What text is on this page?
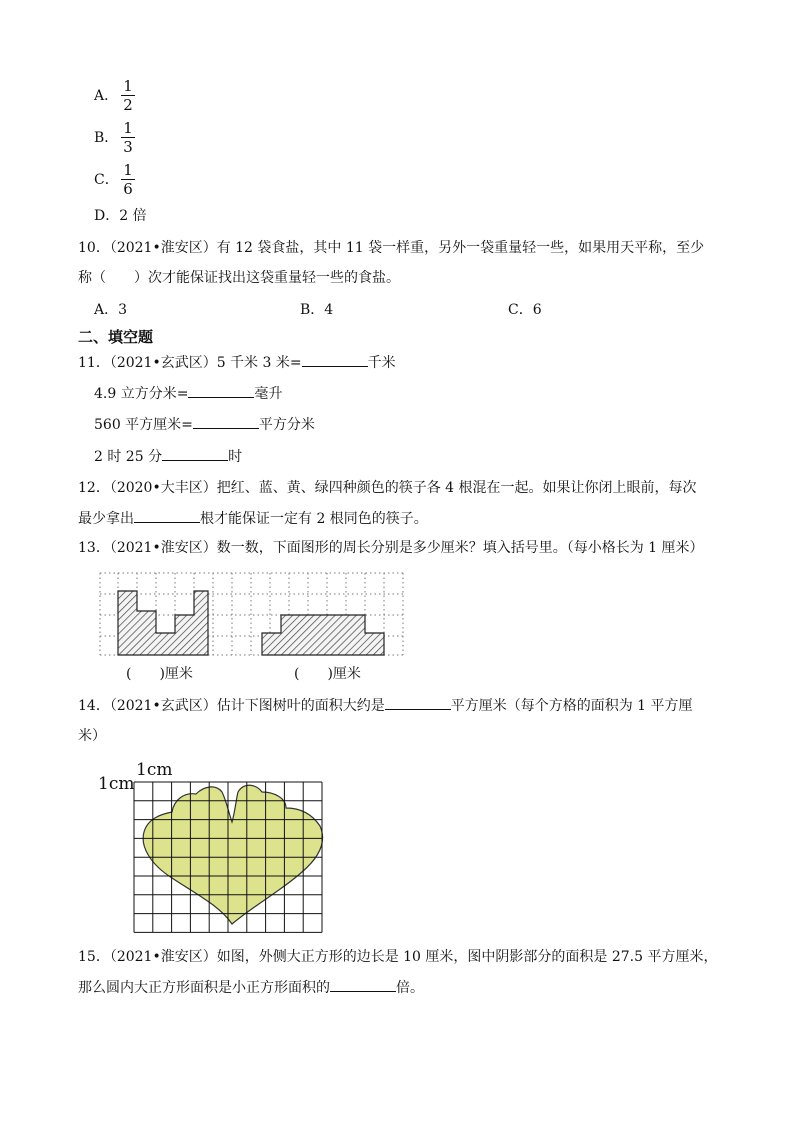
A．
1
2
B．
1
3
C．
1
6
D．2 倍
10．（2021•淮安区）有 12 袋食盐，其中 11 袋一样重，另外一袋重量轻一些，如果用天平称，至少
称（　　）次才能保证找出这袋重量轻一些的食盐。
A．3	B．4	C．6
二、填空题
11．（2021•玄武区）5 千米 3 米=	千米
4.9 立方分米=	毫升
560 平方厘米=	平方分米
2 时 25 分	时
12．（2020•大丰区）把红、蓝、黄、绿四种颜色的筷子各 4 根混在一起。如果让你闭上眼前，每次
最少拿出	根才能保证一定有 2 根同色的筷子。
13．（2021•淮安区）数一数，下面图形的周长分别是多少厘米？填入括号里。（每小格长为 1 厘米）
(　　)厘米	(　　)厘米
14．（2021•玄武区）估计下图树叶的面积大约是	平方厘米（每个方格的面积为 1 平方厘
米）
1cm
1cm
15．（2021•淮安区）如图，外侧大正方形的边长是 10 厘米，图中阴影部分的面积是 27.5 平方厘米，
那么圆内大正方形面积是小正方形面积的	倍。
